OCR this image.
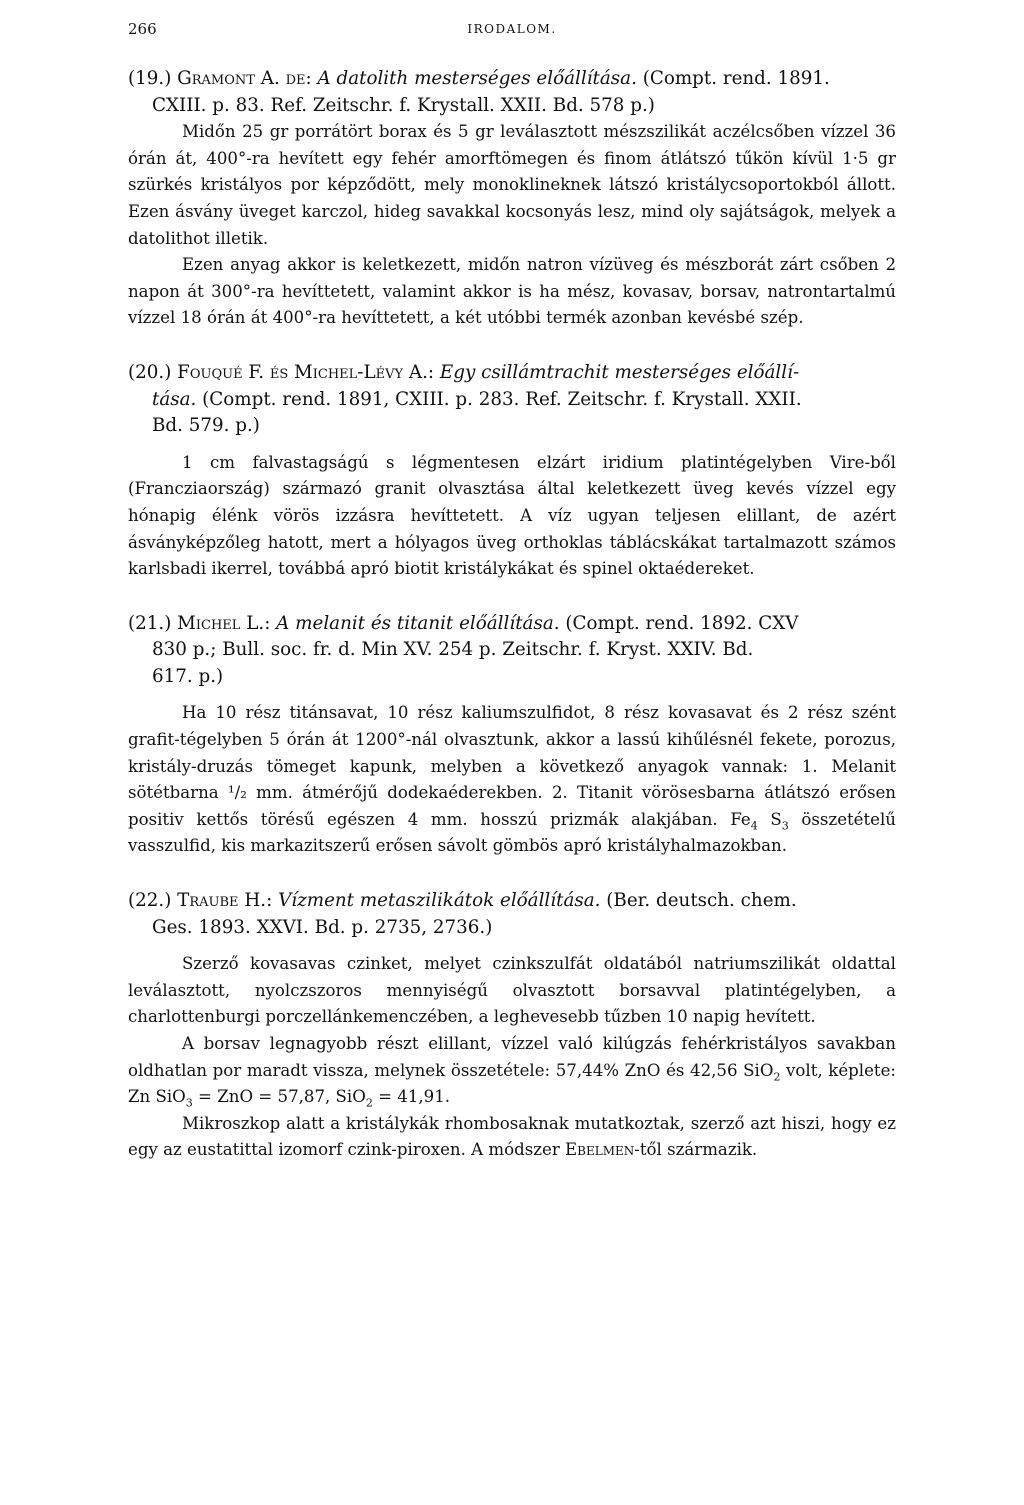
266	IRODALOM.
(19.) Gramont A. de: A datolith mesterséges előállítása. (Compt. rend. 1891.
CXIII. p. 83. Ref. Zeitschr. f. Krystall. XXII. Bd. 578 p.)

Midőn 25 gr porrátört borax és 5 gr leválasztott mészszilikát aczélcsőben vízzel 36 órán át, 400°-ra hevített egy fehér amorftömegen és finom átlátszó tűkön kívül 1·5 gr szürkés kristályos por képződött, mely monoklineknek látszó kristálycsoportokból állott. Ezen ásvány üveget karczol, hideg savakkal kocsonyás lesz, mind oly sajátságok, melyek a datolithot illetik.

Ezen anyag akkor is keletkezett, midőn natron vízüveg és mészborát zárt csőben 2 napon át 300°-ra hevíttetett, valamint akkor is ha mész, kovasav, borsav, natrontartalmú vízzel 18 órán át 400°-ra hevíttetett, a két utóbbi termék azonban kevésbé szép.

(20.) Fouqué F. és Michel-Lévy A.: Egy csillámtrachit mesterséges előállí-
tása. (Compt. rend. 1891, CXIII. p. 283. Ref. Zeitschr. f. Krystall. XXII.
Bd. 579. p.)

1 cm falvastagságú s légmentesen elzárt iridium platintégelyben Vire-ből (Francziaország) származó granit olvasztása által keletkezett üveg kevés vízzel egy hónapig élénk vörös izzásra hevíttetett. A víz ugyan teljesen elillant, de azért ásványképzőleg hatott, mert a hólyagos üveg orthoklas táblácskákat tartalmazott számos karlsbadi ikerrel, továbbá apró biotit kristálykákat és spinel oktaédereket.

(21.) Michel L.: A melanit és titanit előállítása. (Compt. rend. 1892. CXV
830 p.; Bull. soc. fr. d. Min XV. 254 p. Zeitschr. f. Kryst. XXIV. Bd.
617. p.)

Ha 10 rész titánsavat, 10 rész kaliumszulfidot, 8 rész kovasavat és 2 rész szént grafit-tégelyben 5 órán át 1200°-nál olvasztunk, akkor a lassú kihűlésnél fekete, porozus, kristály-druzás tömeget kapunk, melyben a következő anyagok vannak: 1. Melanit sötétbarna ¹/₂ mm. átmérőjű dodekaéderekben. 2. Titanit vörösesbarna átlátszó erősen positiv kettős törésű egészen 4 mm. hosszú prizmák alakjában. $Fe_4$ $S_3$ összetételű vasszulfid, kis markazitszerű erősen sávolt gömbös apró kristályhalmazokban.

(22.) Traube H.: Vízment metaszilikátok előállítása. (Ber. deutsch. chem.
Ges. 1893. XXVI. Bd. p. 2735, 2736.)

Szerző kovasavas czinket, melyet czinkszulfát oldatából natriumszilikát oldattal leválasztott, nyolczszoros mennyiségű olvasztott borsavval platintégelyben, a charlottenburgi porczellánkemenczében, a leghevesebb tűzben 10 napig hevített.

A borsav legnagyobb részt elillant, vízzel való kilúgzás fehérkristályos savakban oldhatlan por maradt vissza, melynek összetétele: 57,44% ZnO és 42,56 SiO$_2$ volt, képlete: Zn SiO$_3$ = ZnO = 57,87, SiO$_2$ = 41,91.

Mikroszkop alatt a kristálykák rhombosaknak mutatkoztak, szerző azt hiszi, hogy ez egy az eustatittal izomorf czink-piroxen. A módszer Ebelmen-től származik.
